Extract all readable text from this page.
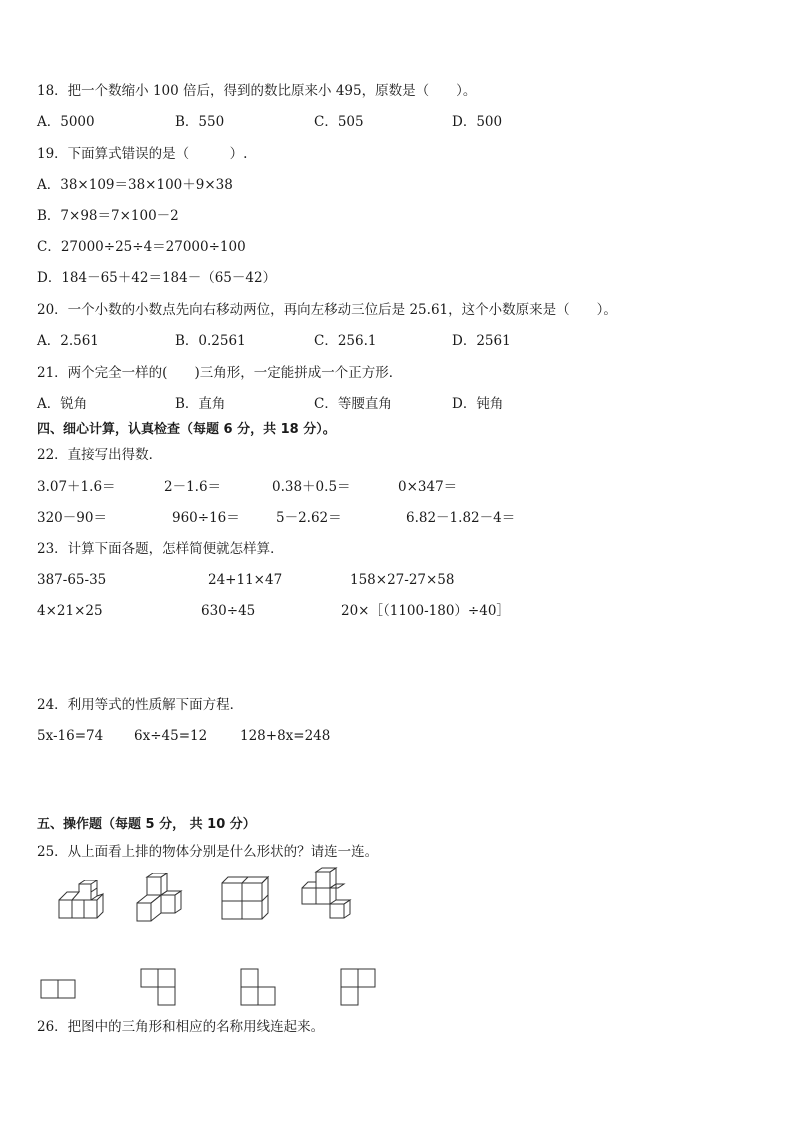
18．把一个数缩小 100 倍后，得到的数比原来小 495，原数是（　　）。
A．5000	B．550	C．505	D．500
19．下面算式错误的是（　　　）.
A．38×109＝38×100＋9×38
B．7×98＝7×100－2
C．27000÷25÷4＝27000÷100
D．184－65＋42＝184－（65－42）
20．一个小数的小数点先向右移动两位，再向左移动三位后是 25.61，这个小数原来是（　　）。
A．2.561	B．0.2561	C．256.1	D．2561
21．两个完全一样的(　　)三角形，一定能拼成一个正方形．
A．锐角	B．直角	C．等腰直角	D．钝角
四、细心计算，认真检查（每题 6 分，共 18 分）。
22．直接写出得数．
3.07＋1.6＝	2－1.6＝	0.38＋0.5＝	0×347＝
320－90＝	960÷16＝	5－2.62＝	6.82－1.82－4＝
23．计算下面各题，怎样简便就怎样算．
387-65-35	24+11×47	158×27-27×58
4×21×25	630÷45	20×［（1100-180）÷40］
24．利用等式的性质解下面方程．
5x-16=74 6x÷45=12 128+8x=248
五、操作题（每题 5 分， 共 10 分）
25．从上面看上排的物体分别是什么形状的？请连一连。
26．把图中的三角形和相应的名称用线连起来。
